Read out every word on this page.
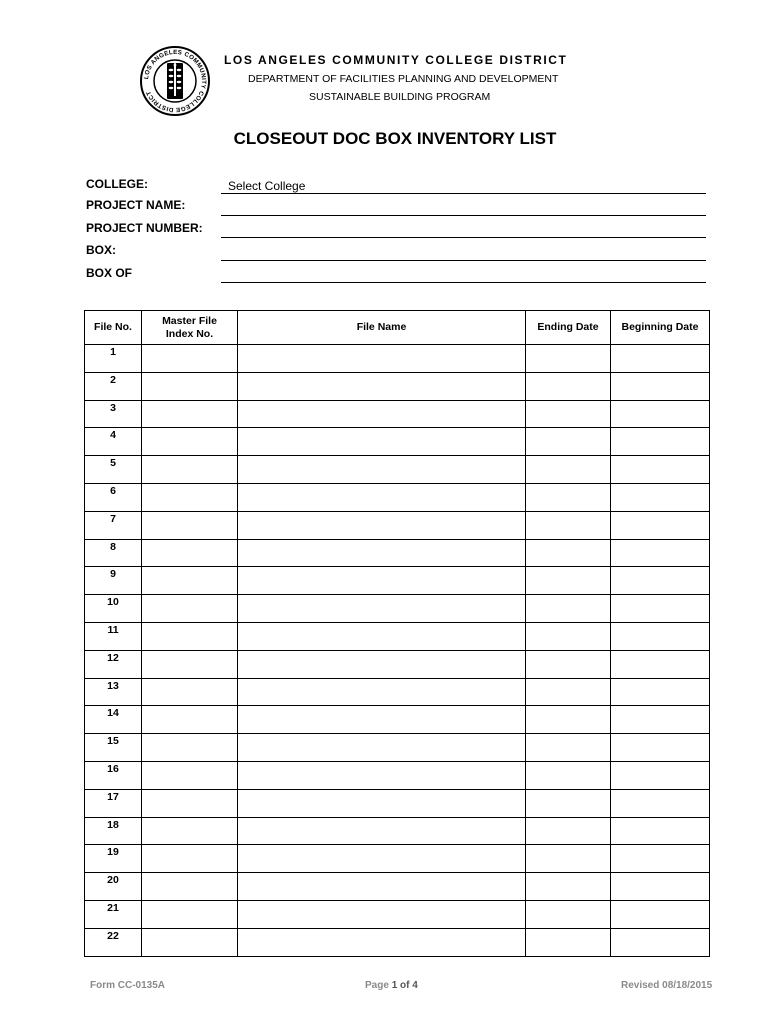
LOS ANGELES COMMUNITY COLLEGE DISTRICT
LOS ANGELES COMMUNITY COLLEGE DISTRICT
DEPARTMENT OF FACILITIES PLANNING AND DEVELOPMENT
SUSTAINABLE BUILDING PROGRAM
CLOSEOUT DOC BOX INVENTORY LIST
COLLEGE:	Select College
PROJECT NAME:
PROJECT NUMBER:
BOX:
BOX OF
File No.	Master File Index No.	File Name	Ending Date	Beginning Date
1				
2				
3				
4				
5				
6				
7				
8				
9				
10				
11				
12				
13				
14				
15				
16				
17				
18				
19				
20				
21				
22				
Form CC-0135A	Page 1 of 4	Revised 08/18/2015
